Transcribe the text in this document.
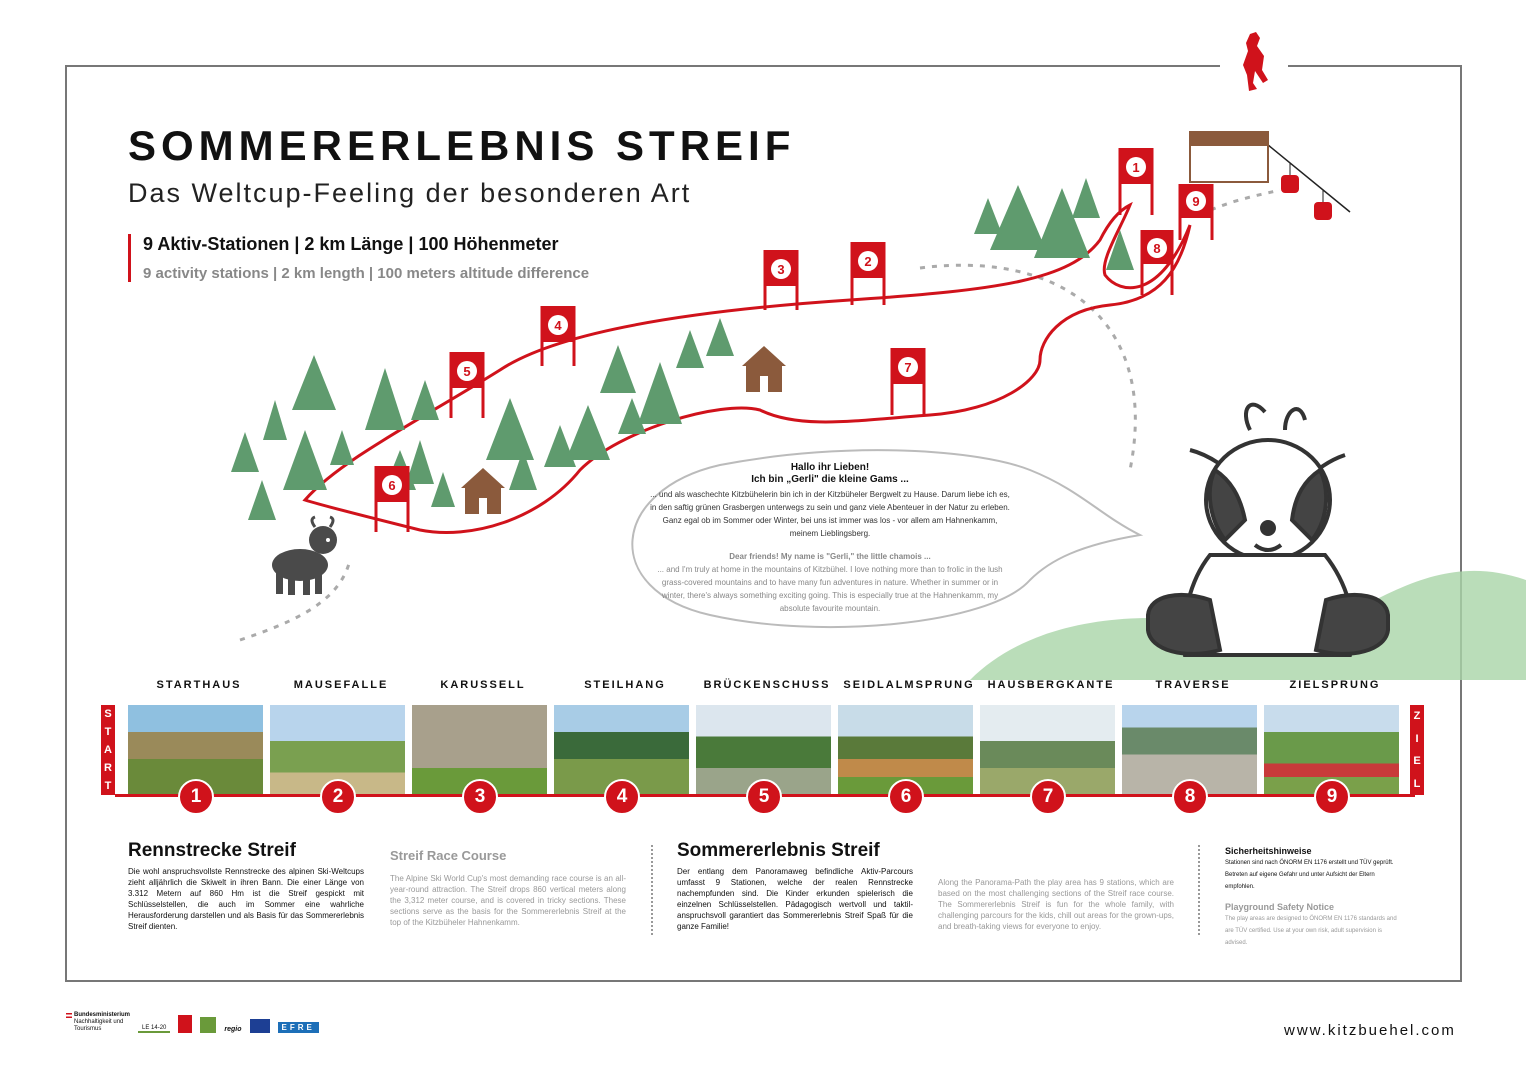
SOMMERERLEBNIS STREIF
Das Weltcup-Feeling der besonderen Art
9 Aktiv-Stationen | 2 km Länge | 100 Höhenmeter
9 activity stations | 2 km length | 100 meters altitude difference
1
2
3
4
5
6
7
8
9
Hallo ihr Lieben!
Ich bin „Gerli" die kleine Gams ...
... und als waschechte Kitzbühelerin bin ich in der Kitzbüheler Bergwelt zu Hause. Darum liebe ich es, in den saftig grünen Grasbergen unterwegs zu sein und ganz viele Abenteuer in der Natur zu erleben. Ganz egal ob im Sommer oder Winter, bei uns ist immer was los - vor allem am Hahnenkamm, meinem Lieblingsberg.
Dear friends! My name is "Gerli," the little chamois ...
... and I'm truly at home in the mountains of Kitzbühel. I love nothing more than to frolic in the lush grass-covered mountains and to have many fun adventures in nature. Whether in summer or in winter, there's always something exciting going. This is especially true at the Hahnenkamm, my absolute favourite mountain.
STARTHAUS	MAUSEFALLE	KARUSSELL	STEILHANG	BRÜCKENSCHUSS	SEIDLALMSPRUNG	HAUSBERGKANTE	TRAVERSE	ZIELSPRUNG
S
T
A
R
T
Z
I
E
L
1	2	3	4	5	6	7	8	9
Rennstrecke Streif
Die wohl anspruchsvollste Rennstrecke des alpinen Ski-Weltcups zieht alljährlich die Skiwelt in ihren Bann. Die einer Länge von 3.312 Metern auf 860 Hm ist die Streif gespickt mit Schlüsselstellen, die auch im Sommer eine wahrliche Herausforderung darstellen und als Basis für das Sommererlebnis Streif dienten.
Streif Race Course
The Alpine Ski World Cup's most demanding race course is an all-year-round attraction. The Streif drops 860 vertical meters along the 3,312 meter course, and is covered in tricky sections. These sections serve as the basis for the Sommererlebnis Streif at the top of the Kitzbüheler Hahnenkamm.
Sommererlebnis Streif
Der entlang dem Panoramaweg befindliche Aktiv-Parcours umfasst 9 Stationen, welche der realen Rennstrecke nachempfunden sind. Die Kinder erkunden spielerisch die einzelnen Schlüsselstellen. Pädagogisch wertvoll und taktil-anspruchsvoll garantiert das Sommererlebnis Streif Spaß für die ganze Familie!
Along the Panorama-Path the play area has 9 stations, which are based on the most challenging sections of the Streif race course. The Sommererlebnis Streif is fun for the whole family, with challenging parcours for the kids, chill out areas for the grown-ups, and breath-taking views for everyone to enjoy.
Sicherheitshinweise
Stationen sind nach ÖNORM EN 1176 erstellt und TÜV geprüft.
Betreten auf eigene Gefahr und unter Aufsicht der Eltern empfohlen.
Playground Safety Notice
The play areas are designed to ÖNORM EN 1176 standards and are TÜV certified. Use at your own risk, adult supervision is advised.
Bundesministerium
Nachhaltigkeit und
Tourismus	LE 14-20	regio	EFRE	www.kitzbuehel.com
